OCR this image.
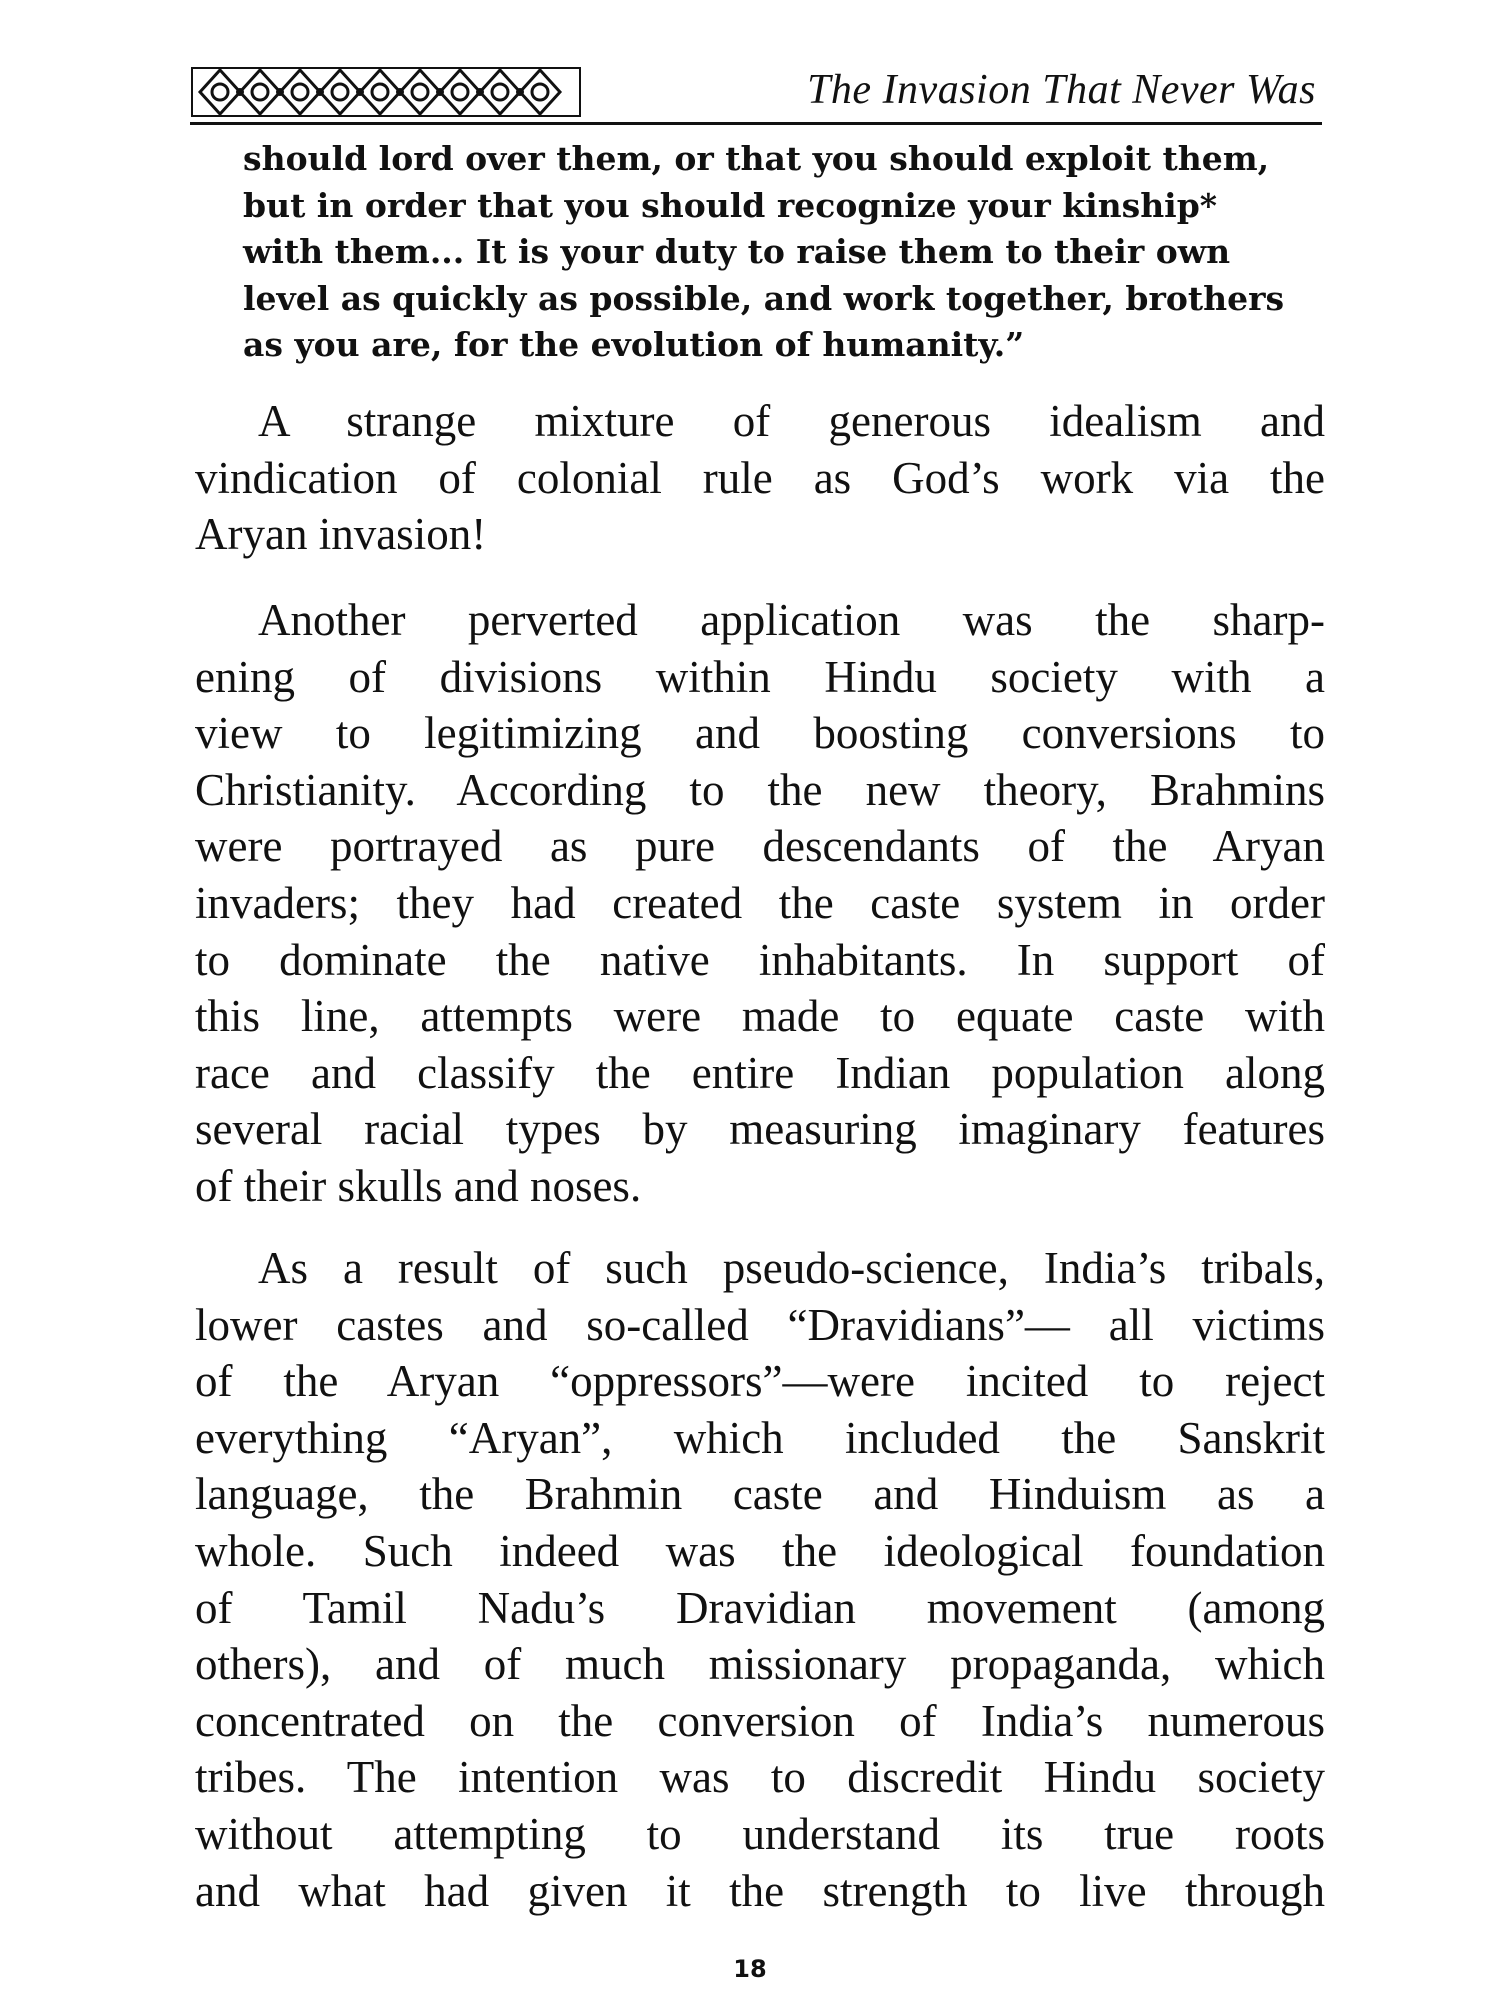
The Invasion That Never Was
should lord over them, or that you should exploit them,
but in order that you should recognize your kinship*
with them... It is your duty to raise them to their own
level as quickly as possible, and work together, brothers
as you are, for the evolution of humanity.”
A strange mixture of generous idealism and
vindication of colonial rule as God’s work via the
Aryan invasion!
Another perverted application was the sharp-
ening of divisions within Hindu society with a
view to legitimizing and boosting conversions to
Christianity. According to the new theory, Brahmins
were portrayed as pure descendants of the Aryan
invaders; they had created the caste system in order
to dominate the native inhabitants. In support of
this line, attempts were made to equate caste with
race and classify the entire Indian population along
several racial types by measuring imaginary features
of their skulls and noses.
As a result of such pseudo-science, India’s tribals,
lower castes and so-called “Dravidians”— all victims
of the Aryan “oppressors”—were incited to reject
everything “Aryan”, which included the Sanskrit
language, the Brahmin caste and Hinduism as a
whole. Such indeed was the ideological foundation
of Tamil Nadu’s Dravidian movement (among
others), and of much missionary propaganda, which
concentrated on the conversion of India’s numerous
tribes. The intention was to discredit Hindu society
without attempting to understand its true roots
and what had given it the strength to live through
18
